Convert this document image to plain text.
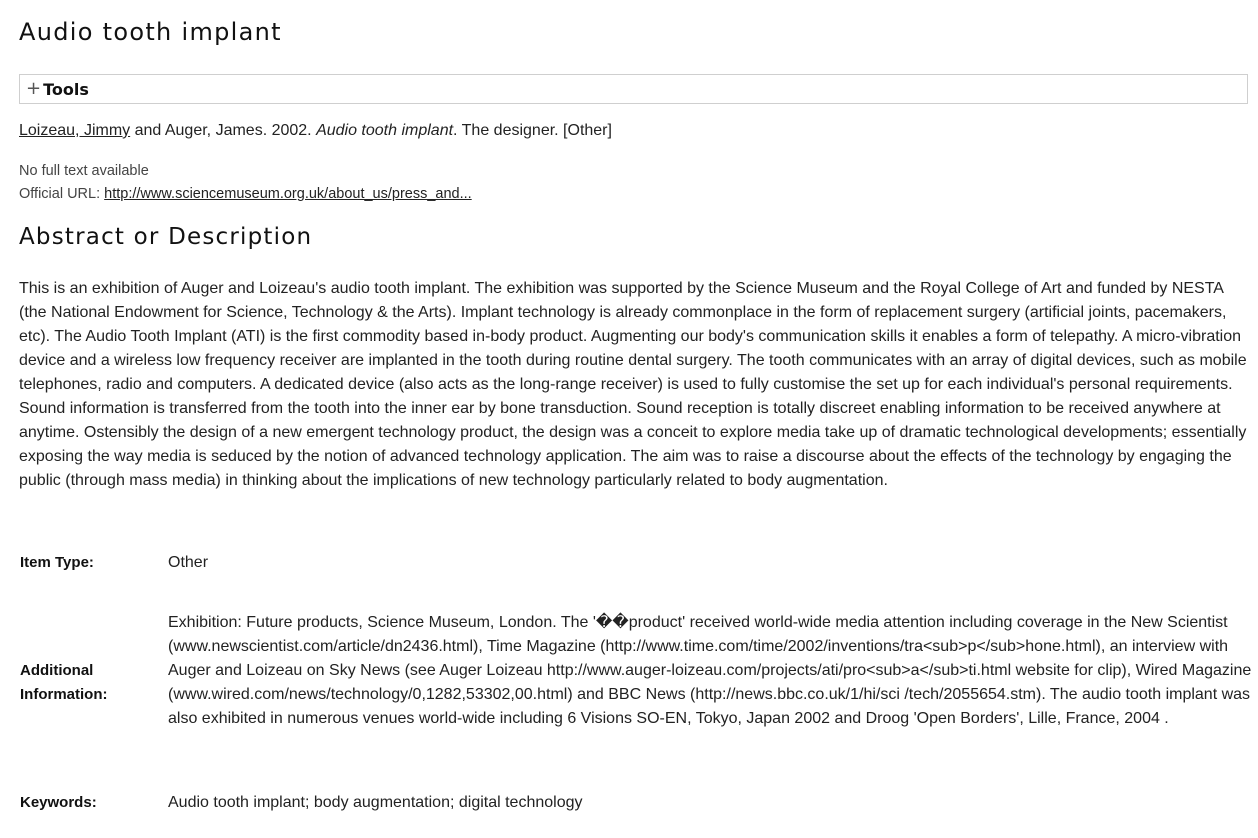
Audio tooth implant
+ Tools
Loizeau, Jimmy and Auger, James. 2002. Audio tooth implant. The designer. [Other]
No full text available
Official URL: http://www.sciencemuseum.org.uk/about_us/press_and...
Abstract or Description

This is an exhibition of Auger and Loizeau's audio tooth implant. The exhibition was supported by the Science Museum and the Royal College of Art and funded by NESTA (the National Endowment for Science, Technology & the Arts). Implant technology is already commonplace in the form of replacement surgery (artificial joints, pacemakers, etc). The Audio Tooth Implant (ATI) is the first commodity based in-body product. Augmenting our body's communication skills it enables a form of telepathy. A micro-vibration device and a wireless low frequency receiver are implanted in the tooth during routine dental surgery. The tooth communicates with an array of digital devices, such as mobile telephones, radio and computers. A dedicated device (also acts as the long-range receiver) is used to fully customise the set up for each individual's personal requirements. Sound information is transferred from the tooth into the inner ear by bone transduction. Sound reception is totally discreet enabling information to be received anywhere at anytime. Ostensibly the design of a new emergent technology product, the design was a conceit to explore media take up of dramatic technological developments; essentially exposing the way media is seduced by the notion of advanced technology application. The aim was to raise a discourse about the effects of the technology by engaging the public (through mass media) in thinking about the implications of new technology particularly related to body augmentation.

Item Type:	Other
Additional Information:
Exhibition: Future products, Science Museum, London. The '��product' received world-wide media attention including coverage in the New Scientist (www.newscientist.com/article/dn2436.html), Time Magazine (http://www.time.com/time/2002/inventions/tra<sub>p</sub>hone.html), an interview with Auger and Loizeau on Sky News (see Auger Loizeau http://www.auger-loizeau.com/projects/ati/pro<sub>a</sub>ti.html website for clip), Wired Magazine (www.wired.com/news/technology/0,1282,53302,00.html) and BBC News (http://news.bbc.co.uk/1/hi/sci /tech/2055654.stm). The audio tooth implant was also exhibited in numerous venues world-wide including 6 Visions SO-EN, Tokyo, Japan 2002 and Droog 'Open Borders', Lille, France, 2004 .
Keywords:	Audio tooth implant; body augmentation; digital technology
